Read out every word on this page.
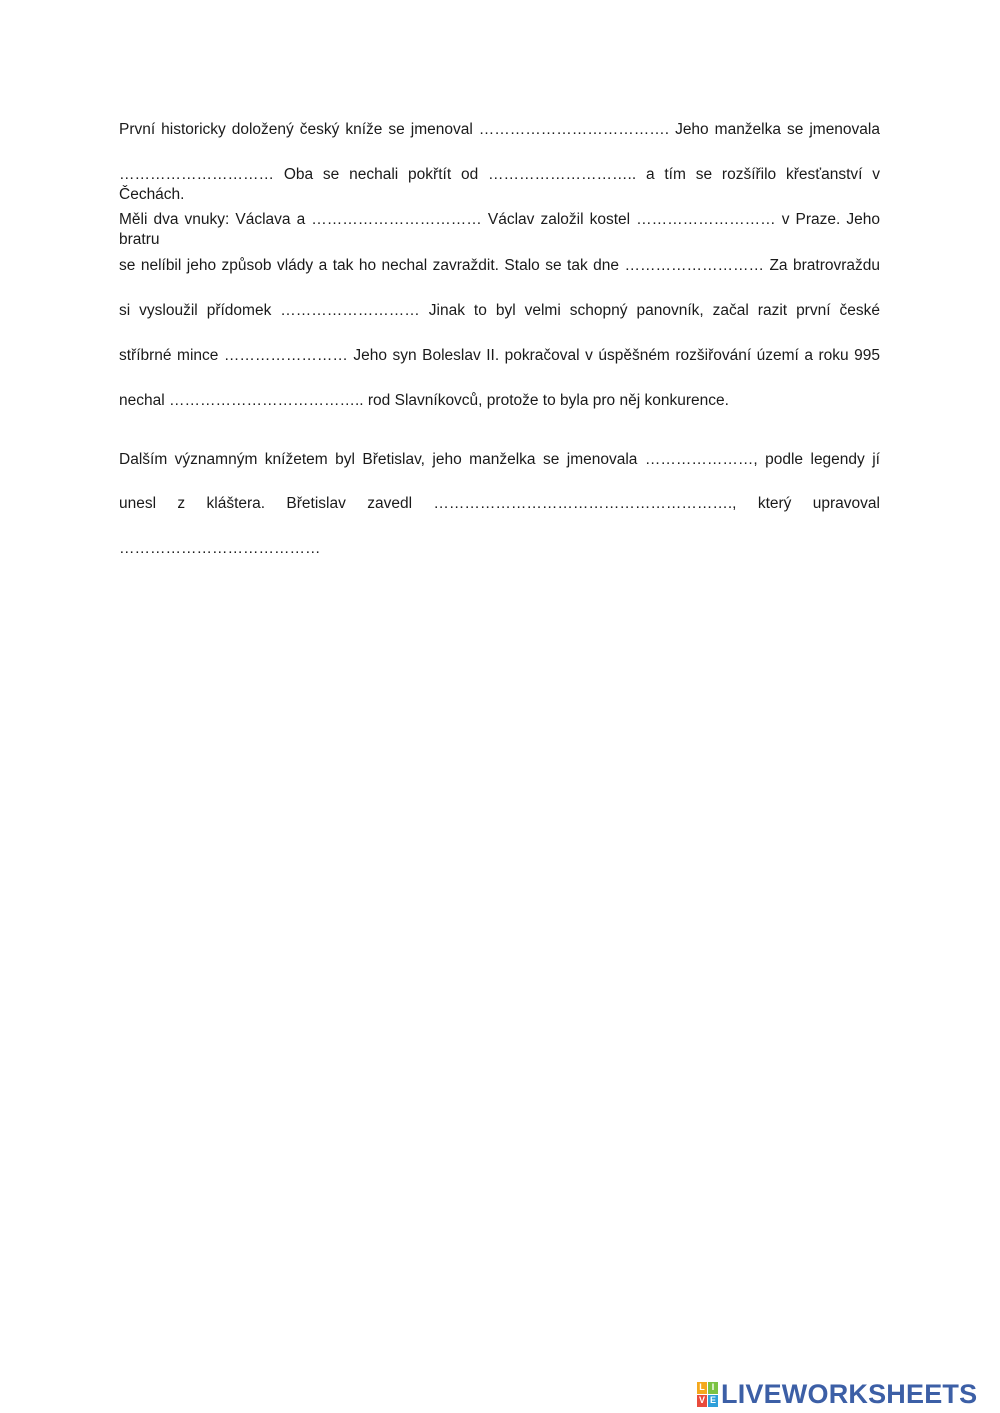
První historicky doložený český kníže se jmenoval ………………………………. Jeho manželka se jmenovala
………………………… Oba se nechali pokřtít od ……………………….. a tím se rozšířilo křesťanství v Čechách.
Měli dva vnuky: Václava a …………………………… Václav založil kostel ……………………… v Praze. Jeho bratru
se nelíbil jeho způsob vlády a tak ho nechal zavraždit. Stalo se tak dne ……………………… Za bratrovraždu
si vysloužil přídomek ……………………… Jinak to byl velmi schopný panovník, začal razit první české
stříbrné mince …………………… Jeho syn Boleslav II. pokračoval v úspěšném rozšiřování území a roku 995
nechal ……………………………….. rod Slavníkovců, protože to byla pro něj konkurence.
Dalším významným knížetem byl Břetislav, jeho manželka se jmenovala …………………, podle legendy jí
unesl z kláštera. Břetislav zavedl …………………………………………………., který upravoval
…………………………………
L I
V E LIVEWORKSHEETS
